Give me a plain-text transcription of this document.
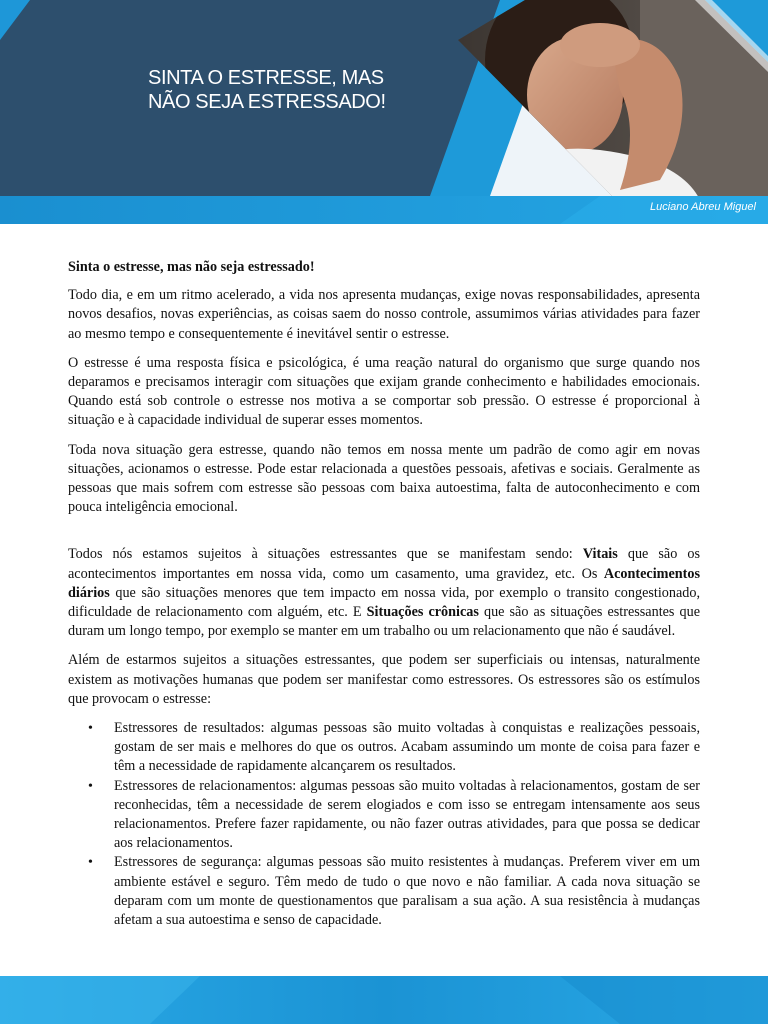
SINTA O ESTRESSE, MAS
NÃO SEJA ESTRESSADO!
Luciano Abreu Miguel
Sinta o estresse, mas não seja estressado!

Todo dia, e em um ritmo acelerado, a vida nos apresenta mudanças, exige novas responsabilidades, apresenta novos desafios, novas experiências, as coisas saem do nosso controle, assumimos várias atividades para fazer ao mesmo tempo e consequentemente é inevitável sentir o estresse.

O estresse é uma resposta física e psicológica, é uma reação natural do organismo que surge quando nos deparamos e precisamos interagir com situações que exijam grande conhecimento e habilidades emocionais. Quando está sob controle o estresse nos motiva a se comportar sob pressão. O estresse é proporcional à situação e à capacidade individual de superar esses momentos.

Toda nova situação gera estresse, quando não temos em nossa mente um padrão de como agir em novas situações, acionamos o estresse. Pode estar relacionada a questões pessoais, afetivas e sociais. Geralmente as pessoas que mais sofrem com estresse são pessoas com baixa autoestima, falta de autoconhecimento e com pouca inteligência emocional.

Todos nós estamos sujeitos à situações estressantes que se manifestam sendo: Vitais que são os acontecimentos importantes em nossa vida, como um casamento, uma gravidez, etc. Os Acontecimentos diários que são situações menores que tem impacto em nossa vida, por exemplo o transito congestionado, dificuldade de relacionamento com alguém, etc. E Situações crônicas que são as situações estressantes que duram um longo tempo, por exemplo se manter em um trabalho ou um relacionamento que não é saudável.

Além de estarmos sujeitos a situações estressantes, que podem ser superficiais ou intensas, naturalmente existem as motivações humanas que podem ser manifestar como estressores. Os estressores são os estímulos que provocam o estresse:

• Estressores de resultados: algumas pessoas são muito voltadas à conquistas e realizações pessoais, gostam de ser mais e melhores do que os outros. Acabam assumindo um monte de coisa para fazer e têm a necessidade de rapidamente alcançarem os resultados.
• Estressores de relacionamentos: algumas pessoas são muito voltadas à relacionamentos, gostam de ser reconhecidas, têm a necessidade de serem elogiados e com isso se entregam intensamente aos seus relacionamentos. Prefere fazer rapidamente, ou não fazer outras atividades, para que possa se dedicar aos relacionamentos.
• Estressores de segurança: algumas pessoas são muito resistentes à mudanças. Preferem viver em um ambiente estável e seguro. Têm medo de tudo o que novo e não familiar. A cada nova situação se deparam com um monte de questionamentos que paralisam a sua ação. A sua resistência à mudanças afetam a sua autoestima e senso de capacidade.
